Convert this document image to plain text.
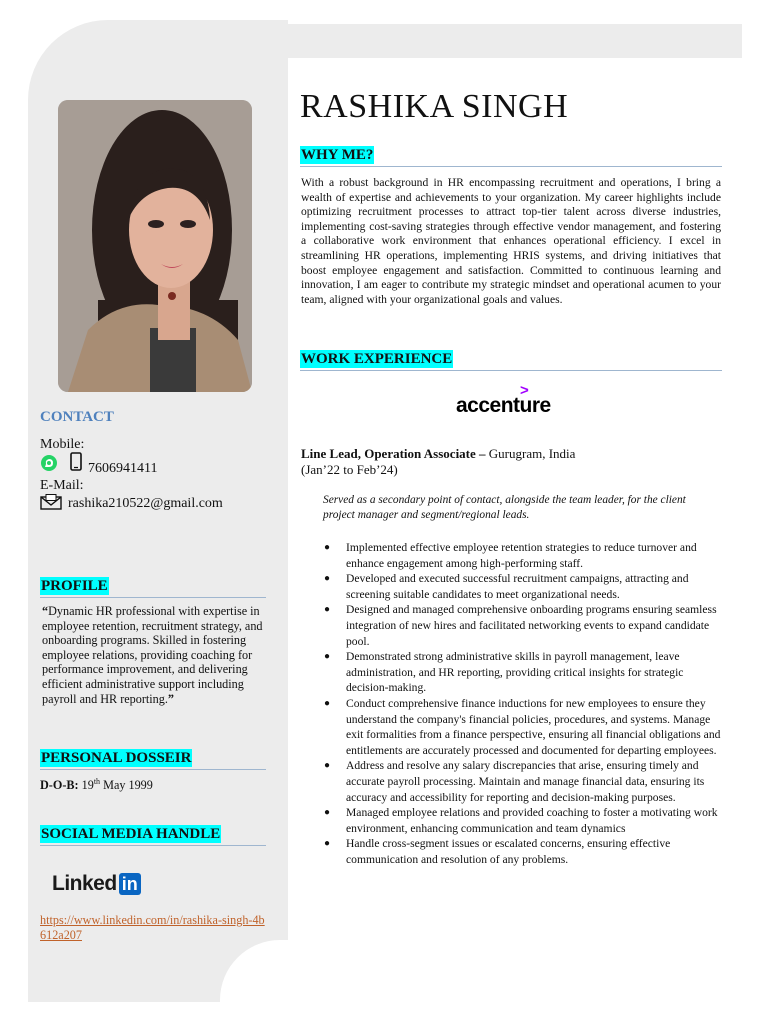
CONTACT
Mobile:
7606941411
E-Mail:
rashika210522@gmail.com
PROFILE
“Dynamic HR professional with expertise in employee retention, recruitment strategy, and onboarding programs. Skilled in fostering employee relations, providing coaching for performance improvement, and delivering efficient administrative support including payroll and HR reporting.”
PERSONAL DOSSEIR
D-O-B: 19th May 1999
SOCIAL MEDIA HANDLE
Linked in
https://www.linkedin.com/in/rashika-singh-4b612a207
RASHIKA SINGH
WHY ME?
With a robust background in HR encompassing recruitment and operations, I bring a wealth of expertise and achievements to your organization. My career highlights include optimizing recruitment processes to attract top-tier talent across diverse industries, implementing cost-saving strategies through effective vendor management, and fostering a collaborative work environment that enhances operational efficiency. I excel in streamlining HR operations, implementing HRIS systems, and driving initiatives that boost employee engagement and satisfaction. Committed to continuous learning and innovation, I am eager to contribute my strategic mindset and operational acumen to your team, aligned with your organizational goals and values.
WORK EXPERIENCE
>
accenture
Line Lead, Operation Associate – Gurugram, India
(Jan’22 to Feb’24)
Served as a secondary point of contact, alongside the team leader, for the client project manager and segment/regional leads.
● Implemented effective employee retention strategies to reduce turnover and enhance engagement among high-performing staff.
● Developed and executed successful recruitment campaigns, attracting and screening suitable candidates to meet organizational needs.
● Designed and managed comprehensive onboarding programs ensuring seamless integration of new hires and facilitated networking events to expand candidate pool.
● Demonstrated strong administrative skills in payroll management, leave administration, and HR reporting, providing critical insights for strategic decision-making.
● Conduct comprehensive finance inductions for new employees to ensure they understand the company's financial policies, procedures, and systems. Manage exit formalities from a finance perspective, ensuring all financial obligations and entitlements are accurately processed and documented for departing employees.
● Address and resolve any salary discrepancies that arise, ensuring timely and accurate payroll processing. Maintain and manage financial data, ensuring its accuracy and accessibility for reporting and decision-making purposes.
● Managed employee relations and provided coaching to foster a motivating work environment, enhancing communication and team dynamics
● Handle cross-segment issues or escalated concerns, ensuring effective communication and resolution of any problems.
